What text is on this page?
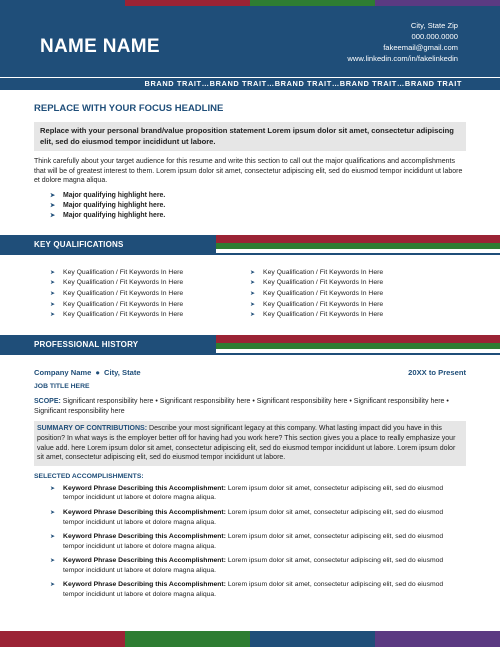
NAME NAME
City, State Zip
000.000.0000
fakeemail@gmail.com
www.linkedin.com/in/fakelinkedin
BRAND TRAIT…BRAND TRAIT…BRAND TRAIT…BRAND TRAIT…BRAND TRAIT
REPLACE WITH YOUR FOCUS HEADLINE
Replace with your personal brand/value proposition statement Lorem ipsum dolor sit amet, consectetur adipiscing elit, sed do eiusmod tempor incididunt ut labore.
Think carefully about your target audience for this resume and write this section to call out the major qualifications and accomplishments that will be of greatest interest to them. Lorem ipsum dolor sit amet, consectetur adipiscing elit, sed do eiusmod tempor incididunt ut labore et dolore magna aliqua.
➤ Major qualifying highlight here.
➤ Major qualifying highlight here.
➤ Major qualifying highlight here.
KEY QUALIFICATIONS
➤ Key Qualification / Fit Keywords In Here
➤ Key Qualification / Fit Keywords In Here
➤ Key Qualification / Fit Keywords In Here
➤ Key Qualification / Fit Keywords In Here
➤ Key Qualification / Fit Keywords In Here
➤ Key Qualification / Fit Keywords In Here
➤ Key Qualification / Fit Keywords In Here
➤ Key Qualification / Fit Keywords In Here
➤ Key Qualification / Fit Keywords In Here
➤ Key Qualification / Fit Keywords In Here
PROFESSIONAL HISTORY
Company Name ● City, State	20XX to Present
JOB TITLE HERE
SCOPE: Significant responsibility here • Significant responsibility here • Significant responsibility here • Significant responsibility here • Significant responsibility here
SUMMARY OF CONTRIBUTIONS: Describe your most significant legacy at this company. What lasting impact did you have in this position? In what ways is the employer better off for having had you work here? This section gives you a place to really emphasize your value add. here Lorem ipsum dolor sit amet, consectetur adipiscing elit, sed do eiusmod tempor incididunt ut labore. Lorem ipsum dolor sit amet, consectetur adipiscing elit, sed do eiusmod tempor incididunt ut labore.
SELECTED ACCOMPLISHMENTS:
➤ Keyword Phrase Describing this Accomplishment: Lorem ipsum dolor sit amet, consectetur adipiscing elit, sed do eiusmod tempor incididunt ut labore et dolore magna aliqua.
➤ Keyword Phrase Describing this Accomplishment: Lorem ipsum dolor sit amet, consectetur adipiscing elit, sed do eiusmod tempor incididunt ut labore et dolore magna aliqua.
➤ Keyword Phrase Describing this Accomplishment: Lorem ipsum dolor sit amet, consectetur adipiscing elit, sed do eiusmod tempor incididunt ut labore et dolore magna aliqua.
➤ Keyword Phrase Describing this Accomplishment: Lorem ipsum dolor sit amet, consectetur adipiscing elit, sed do eiusmod tempor incididunt ut labore et dolore magna aliqua.
➤ Keyword Phrase Describing this Accomplishment: Lorem ipsum dolor sit amet, consectetur adipiscing elit, sed do eiusmod tempor incididunt ut labore et dolore magna aliqua.
